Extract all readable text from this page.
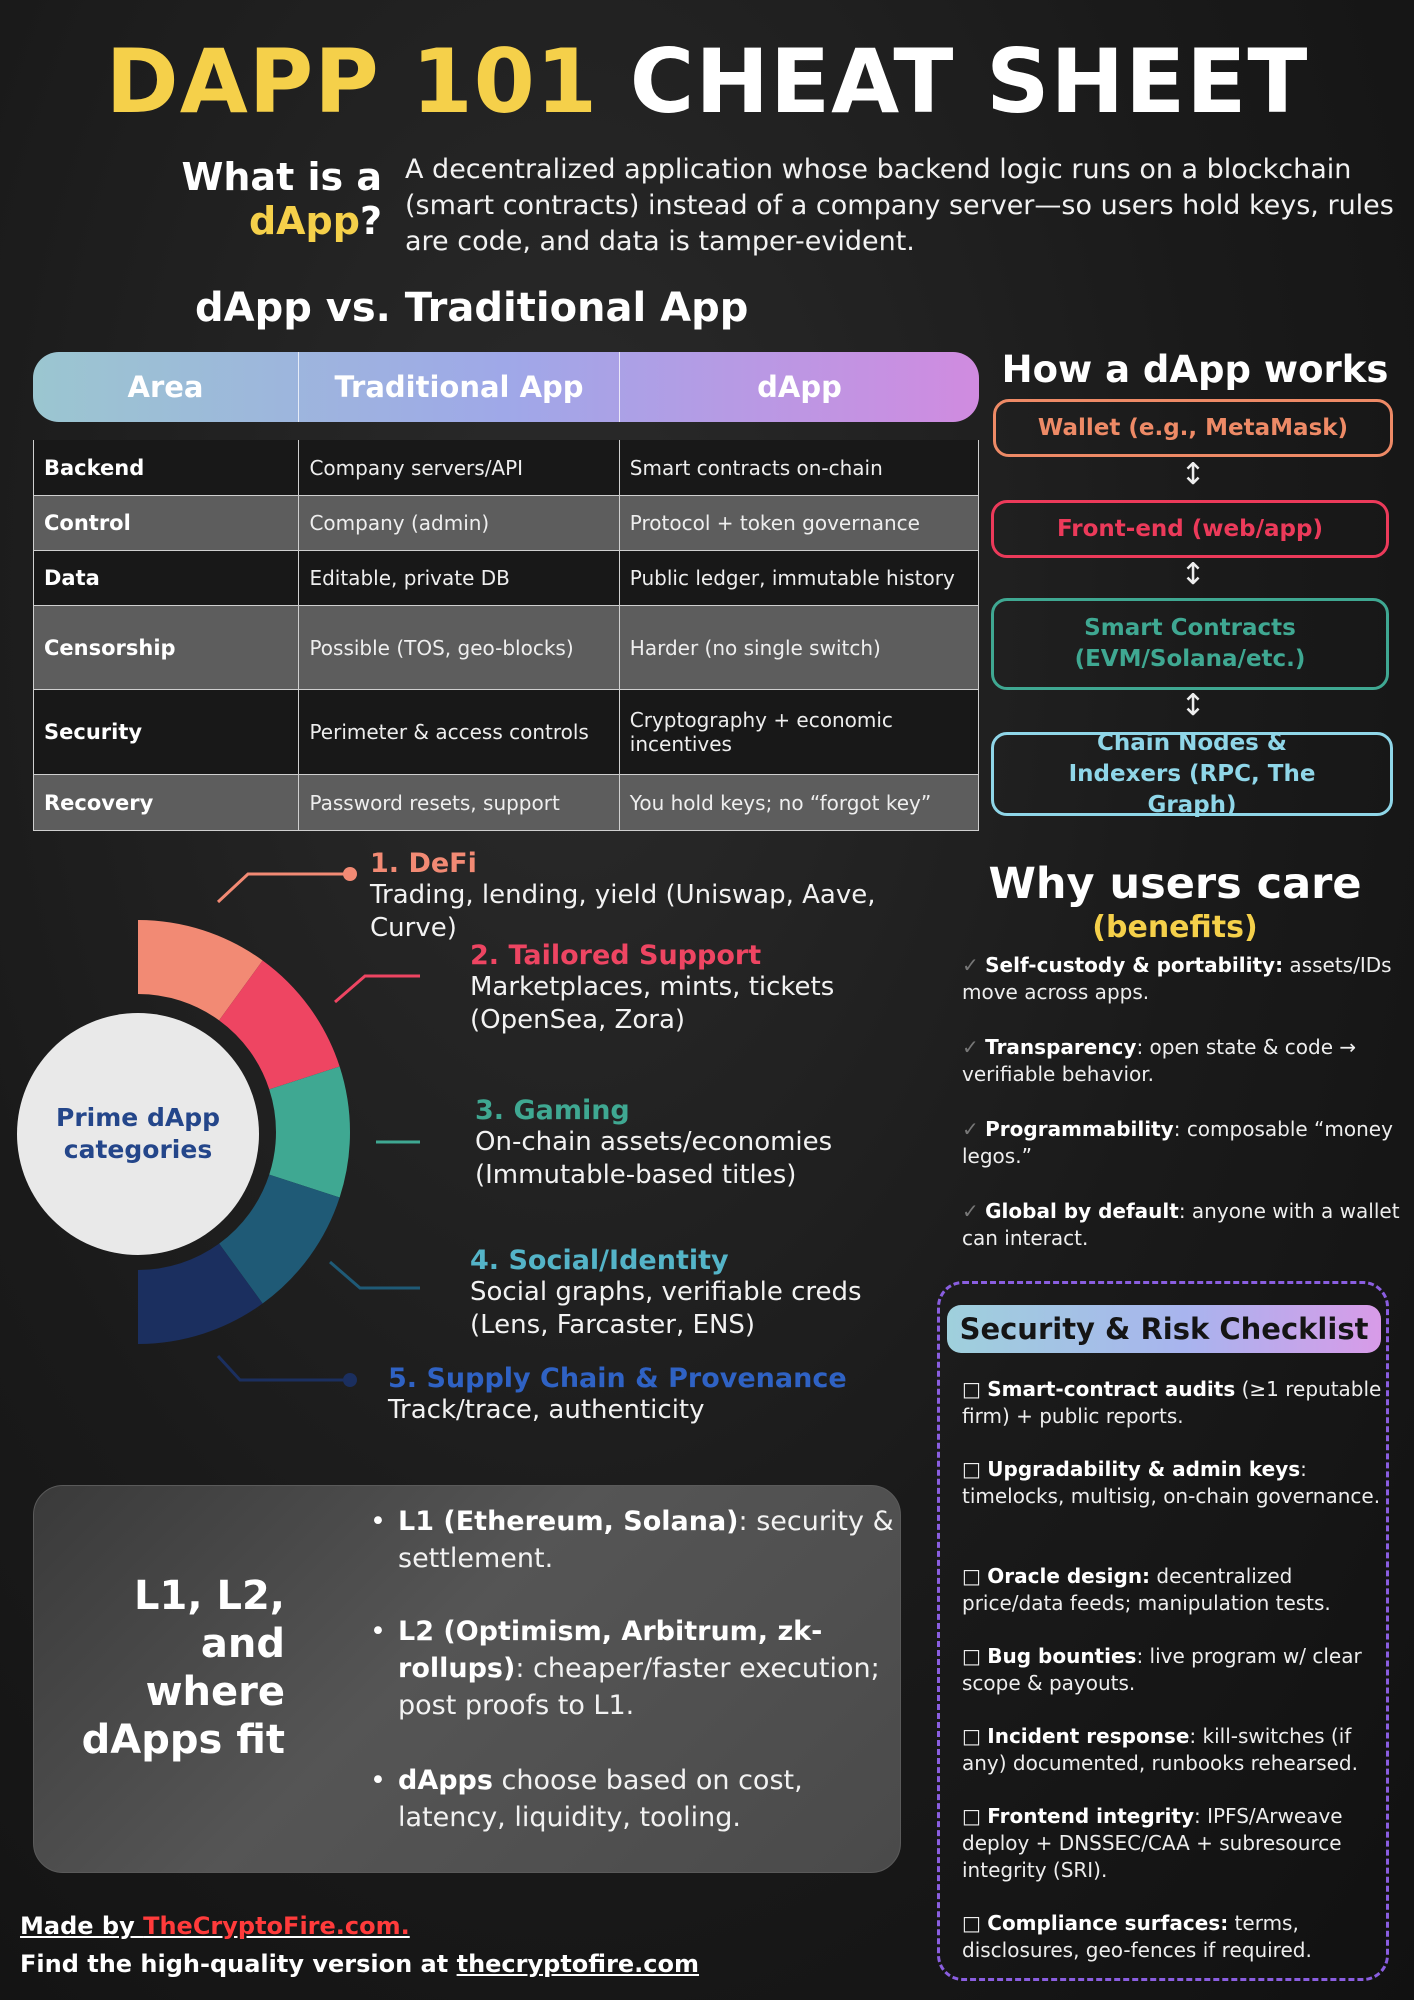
DAPP 101 CHEAT SHEET
What is a
dApp?
A decentralized application whose backend logic runs on a blockchain (smart contracts) instead of a company server—so users hold keys, rules are code, and data is tamper-evident.
dApp vs. Traditional App
Area	Traditional App	dApp
Backend	Company servers/API	Smart contracts on-chain
Control	Company (admin)	Protocol + token governance
Data	Editable, private DB	Public ledger, immutable history
Censorship	Possible (TOS, geo-blocks)	Harder (no single switch)
Security	Perimeter & access controls	Cryptography + economic incentives
Recovery	Password resets, support	You hold keys; no “forgot key”
How a dApp works
Wallet (e.g., MetaMask)
↕
Front-end (web/app)
↕
Smart Contracts (EVM/Solana/etc.)
↕
Chain Nodes & Indexers (RPC, The Graph)
Prime dApp categories
1. DeFi
Trading, lending, yield (Uniswap, Aave, Curve)
2. Tailored Support
Marketplaces, mints, tickets (OpenSea, Zora)
3. Gaming
On-chain assets/economies (Immutable-based titles)
4. Social/Identity
Social graphs, verifiable creds (Lens, Farcaster, ENS)
5. Supply Chain & Provenance
Track/trace, authenticity
Why users care
(benefits)
✓ Self-custody & portability: assets/IDs move across apps.
✓ Transparency: open state & code → verifiable behavior.
✓ Programmability: composable “money legos.”
✓ Global by default: anyone with a wallet can interact.
Security & Risk Checklist
□ Smart-contract audits (≥1 reputable firm) + public reports.
□ Upgradability & admin keys: timelocks, multisig, on-chain governance.
□ Oracle design: decentralized price/data feeds; manipulation tests.
□ Bug bounties: live program w/ clear scope & payouts.
□ Incident response: kill-switches (if any) documented, runbooks rehearsed.
□ Frontend integrity: IPFS/Arweave deploy + DNSSEC/CAA + subresource integrity (SRI).
□ Compliance surfaces: terms, disclosures, geo-fences if required.
L1, L2, and where dApps fit
• L1 (Ethereum, Solana): security & settlement.
• L2 (Optimism, Arbitrum, zk-rollups): cheaper/faster execution; post proofs to L1.
• dApps choose based on cost, latency, liquidity, tooling.
Made by TheCryptoFire.com.
Find the high-quality version at thecryptofire.com
